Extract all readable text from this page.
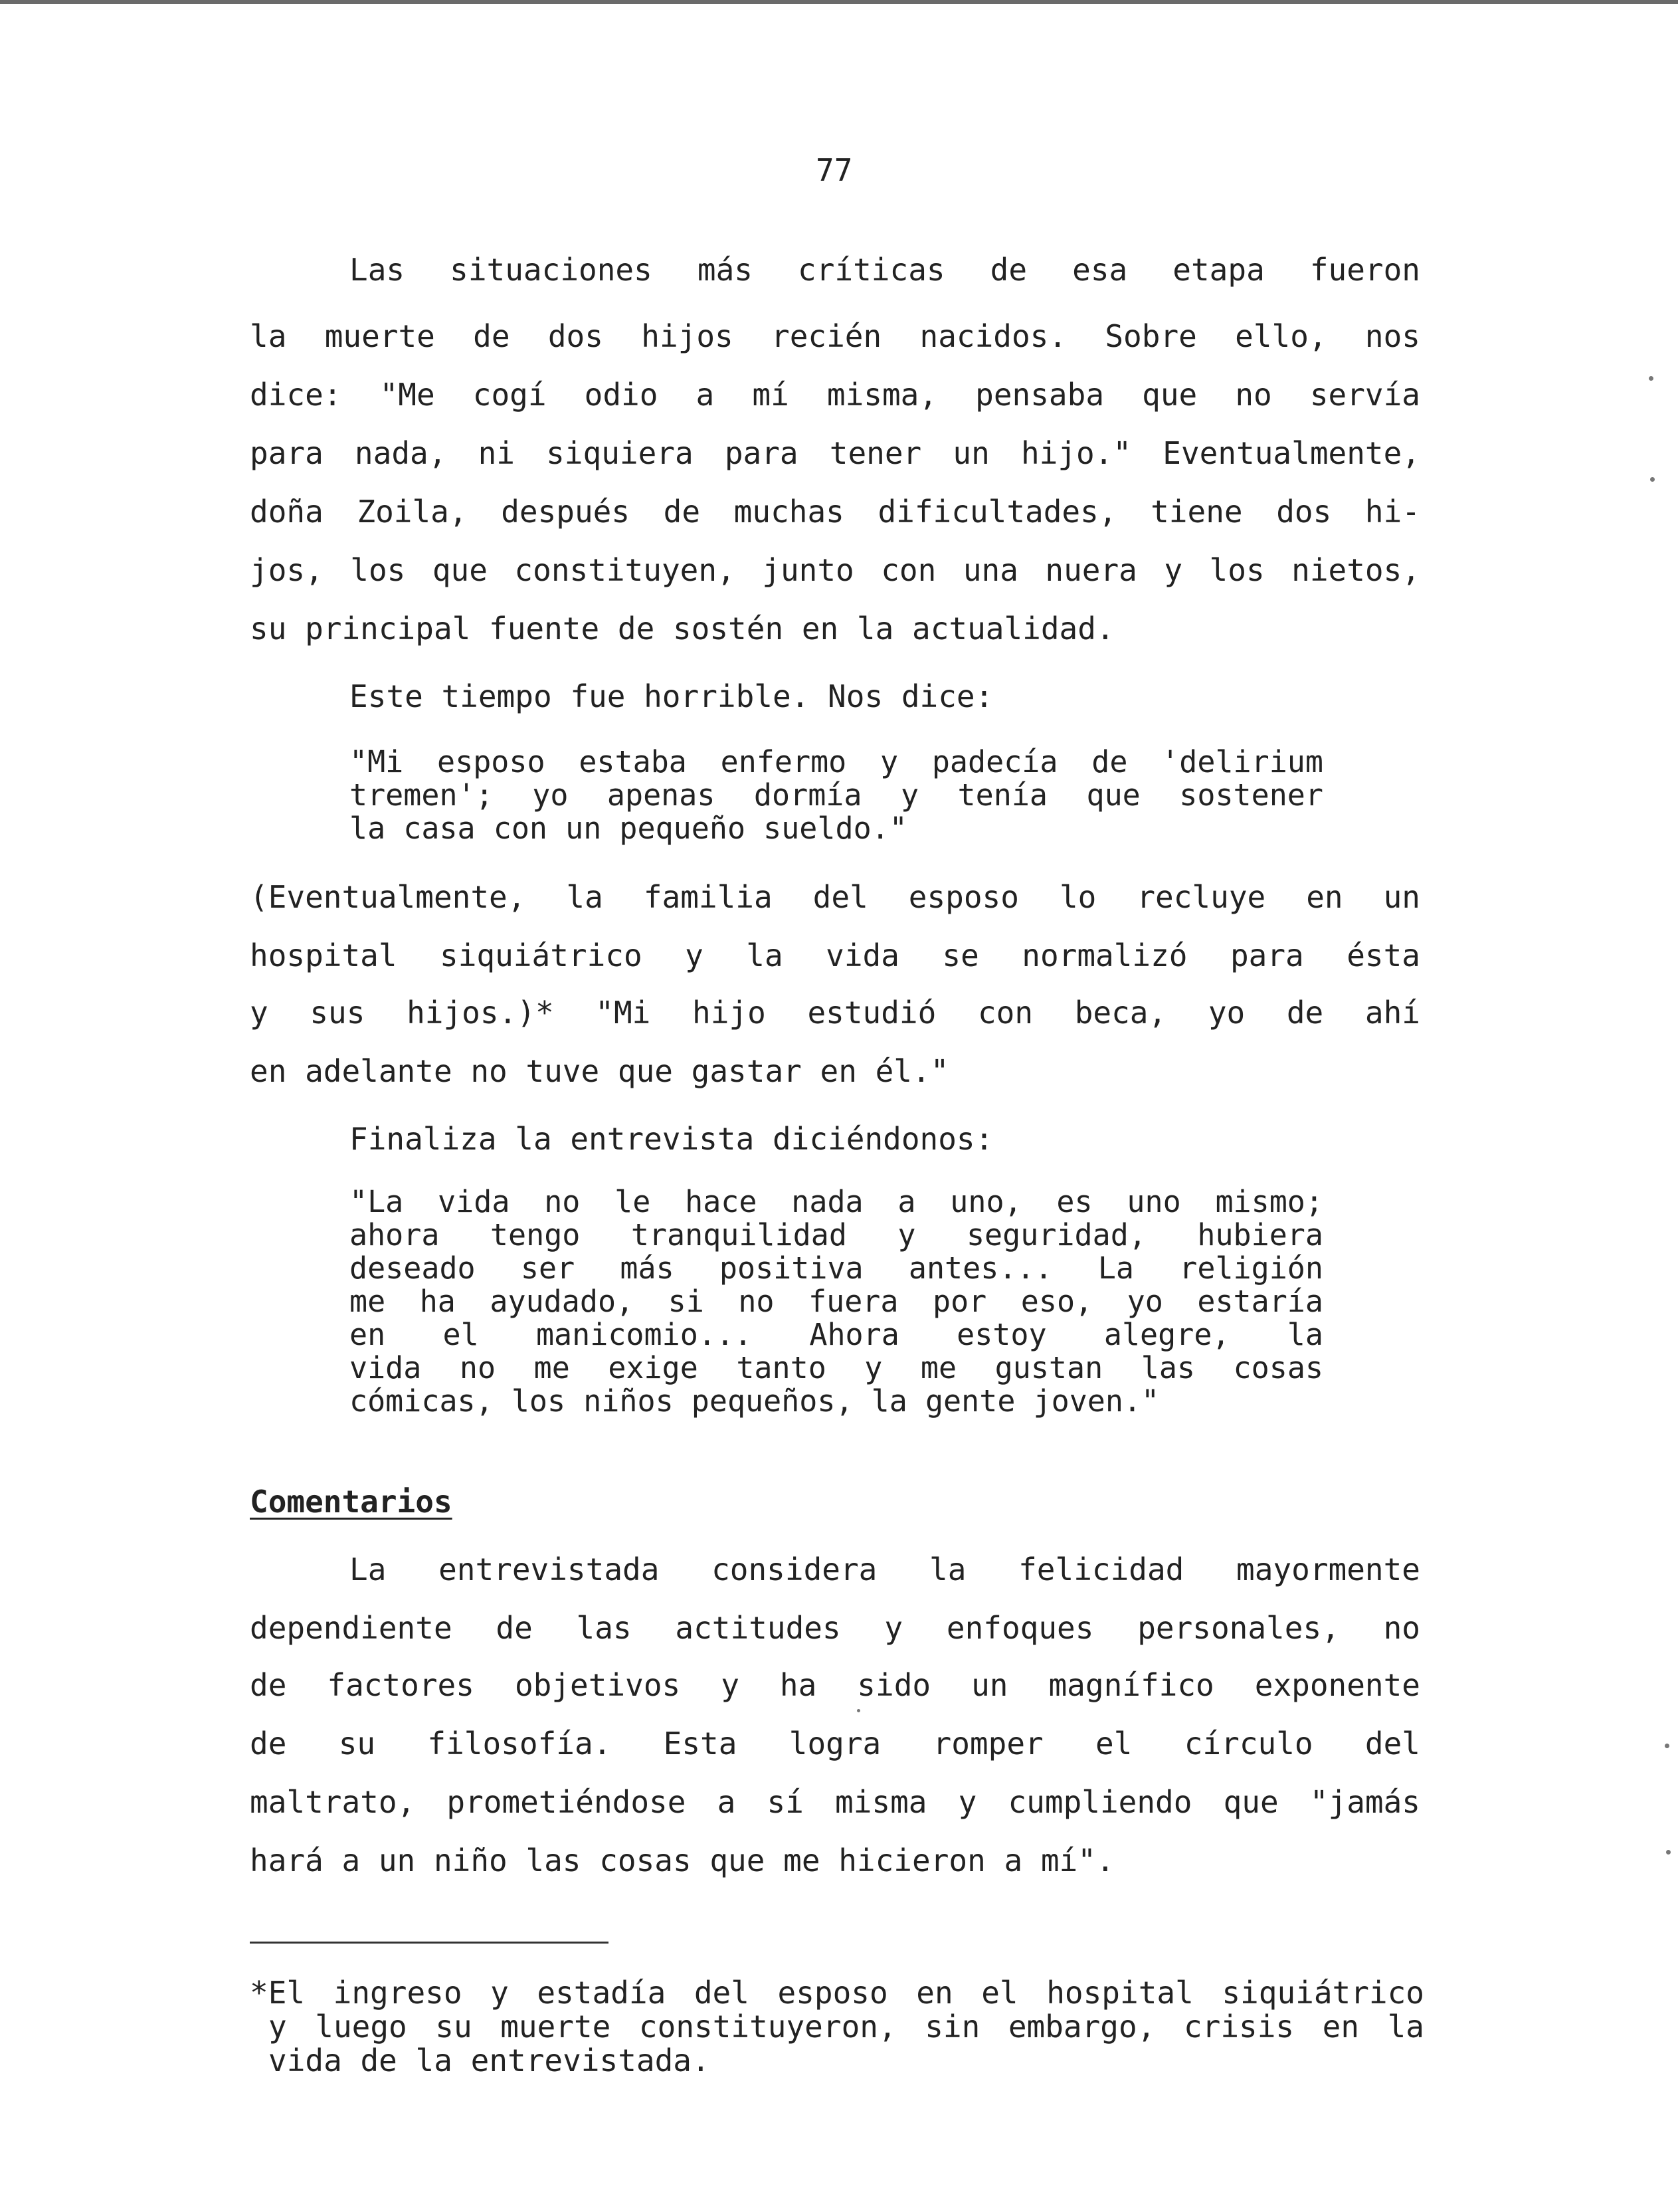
77
Las situaciones más críticas de esa etapa fueron
la muerte de dos hijos recién nacidos. Sobre ello, nos
dice: "Me cogí odio a mí misma, pensaba que no servía
para nada, ni siquiera para tener un hijo." Eventualmente,
doña Zoila, después de muchas dificultades, tiene dos hi-
jos, los que constituyen, junto con una nuera y los nietos,
su principal fuente de sostén en la actualidad.
Este tiempo fue horrible. Nos dice:
"Mi esposo estaba enfermo y padecía de 'delirium
tremen'; yo apenas dormía y tenía que sostener
la casa con un pequeño sueldo."
(Eventualmente, la familia del esposo lo recluye en un
hospital siquiátrico y la vida se normalizó para ésta
y sus hijos.)* "Mi hijo estudió con beca, yo de ahí
en adelante no tuve que gastar en él."
Finaliza la entrevista diciéndonos:
"La vida no le hace nada a uno, es uno mismo;
ahora tengo tranquilidad y seguridad, hubiera
deseado ser más positiva antes... La religión
me ha ayudado, si no fuera por eso, yo estaría
en el manicomio... Ahora estoy alegre, la
vida no me exige tanto y me gustan las cosas
cómicas, los niños pequeños, la gente joven."
Comentarios
La entrevistada considera la felicidad mayormente
dependiente de las actitudes y enfoques personales, no
de factores objetivos y ha sido un magnífico exponente
de su filosofía. Esta logra romper el círculo del
maltrato, prometiéndose a sí misma y cumpliendo que "jamás
hará a un niño las cosas que me hicieron a mí".
*El ingreso y estadía del esposo en el hospital siquiátrico
y luego su muerte constituyeron, sin embargo, crisis en la
vida de la entrevistada.
